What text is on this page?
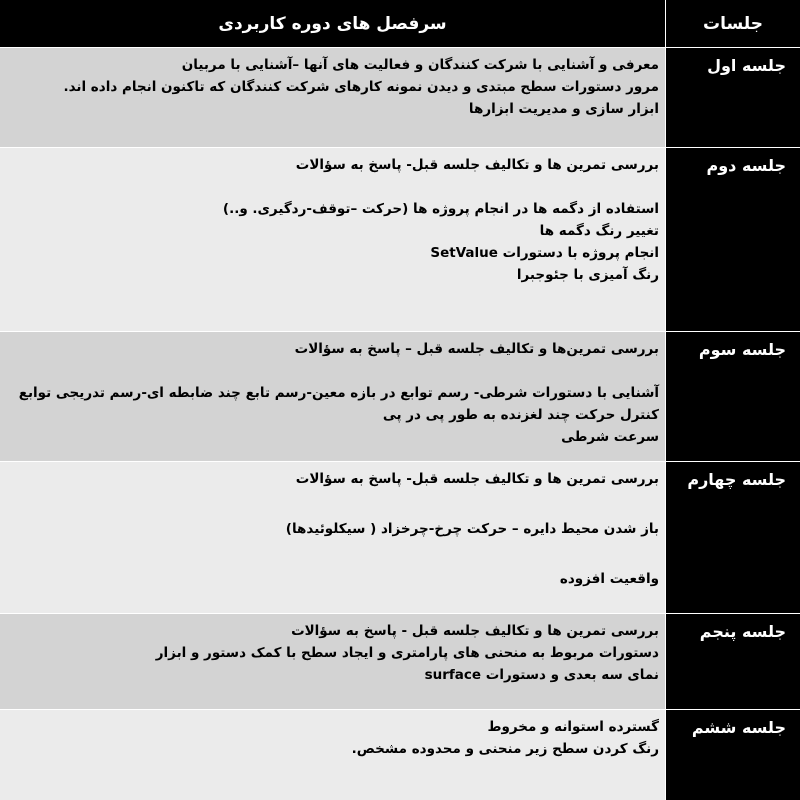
جلسات
سرفصل های دوره کاربردی
جلسه اول
معرفی و آشنایی با شرکت کنندگان و فعالیت های آنها –آشنایی با مربیان
مرور دستورات سطح مبتدی و دیدن نمونه کارهای شرکت کنندگان که تاکنون انجام داده اند.
ابزار سازی و مدیریت ابزارها
جلسه دوم
بررسی تمرین ها و تکالیف جلسه قبل- پاسخ به سؤالات
استفاده از دگمه ها در انجام پروژه ها (حرکت –توقف-ردگیری. و..)
تغییر رنگ دگمه ها
انجام پروژه با دستورات SetValue
رنگ آمیزی با جئوجبرا
جلسه سوم
بررسی تمرین‌ها و تکالیف جلسه قبل – پاسخ به سؤالات
آشنایی با دستورات شرطی- رسم توابع در بازه معین-رسم تابع چند ضابطه ای-رسم تدریجی توابع
کنترل حرکت چند لغزنده به طور پی در پی
سرعت شرطی
جلسه چهارم
بررسی تمرین ها و تکالیف جلسه قبل- پاسخ به سؤالات
باز شدن محیط دایره – حرکت چرخ-چرخزاد ( سیکلوئیدها)
واقعیت افزوده
جلسه پنجم
بررسی تمرین ها و تکالیف جلسه قبل - پاسخ به سؤالات
دستورات مربوط به منحنی های پارامتری و ایجاد سطح با کمک دستور و ابزار
نمای سه بعدی و دستورات surface
جلسه ششم
گسترده استوانه و مخروط
رنگ کردن سطح زیر منحنی و محدوده مشخص.
